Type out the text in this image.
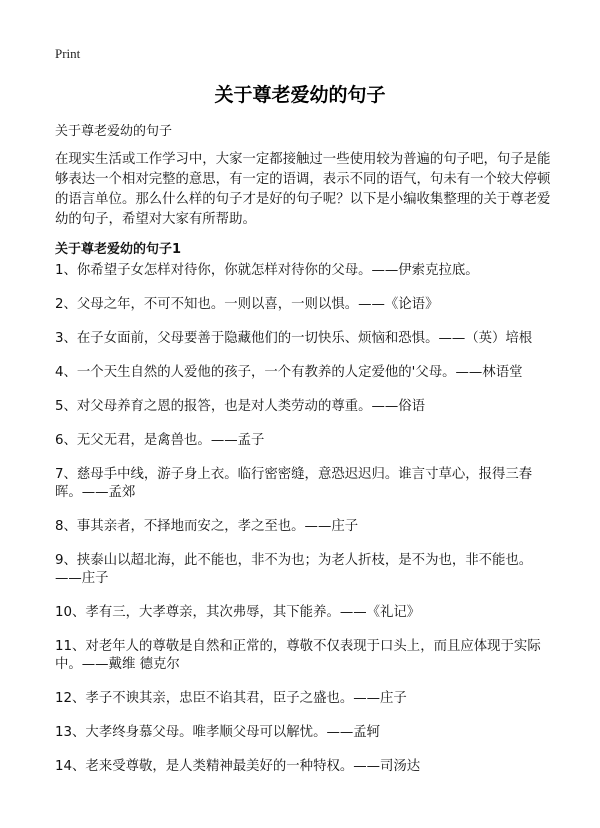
Print
关于尊老爱幼的句子

关于尊老爱幼的句子

在现实生活或工作学习中，大家一定都接触过一些使用较为普遍的句子吧，句子是能够表达一个相对完整的意思，有一定的语调，表示不同的语气，句未有一个较大停顿的语言单位。那么什么样的句子才是好的句子呢？以下是小编收集整理的关于尊老爱幼的句子，希望对大家有所帮助。

关于尊老爱幼的句子1
1、你希望子女怎样对待你，你就怎样对待你的父母。——伊索克拉底。
2、父母之年，不可不知也。一则以喜，一则以惧。——《论语》
3、在子女面前，父母要善于隐藏他们的一切快乐、烦恼和恐惧。——（英）培根
4、一个天生自然的人爱他的孩子，一个有教养的人定爱他的'父母。——林语堂
5、对父母养育之恩的报答，也是对人类劳动的尊重。——俗语
6、无父无君，是禽兽也。——孟子
7、慈母手中线，游子身上衣。临行密密缝，意恐迟迟归。谁言寸草心，报得三春晖。——孟郊
8、事其亲者，不择地而安之，孝之至也。——庄子
9、挟泰山以超北海，此不能也，非不为也；为老人折枝，是不为也，非不能也。——庄子
10、孝有三，大孝尊亲，其次弗辱，其下能养。——《礼记》
11、对老年人的尊敬是自然和正常的，尊敬不仅表现于口头上，而且应体现于实际中。——戴维 德克尔
12、孝子不谀其亲，忠臣不谄其君，臣子之盛也。——庄子
13、大孝终身慕父母。唯孝顺父母可以解忧。——孟轲
14、老来受尊敬，是人类精神最美好的一种特权。——司汤达
